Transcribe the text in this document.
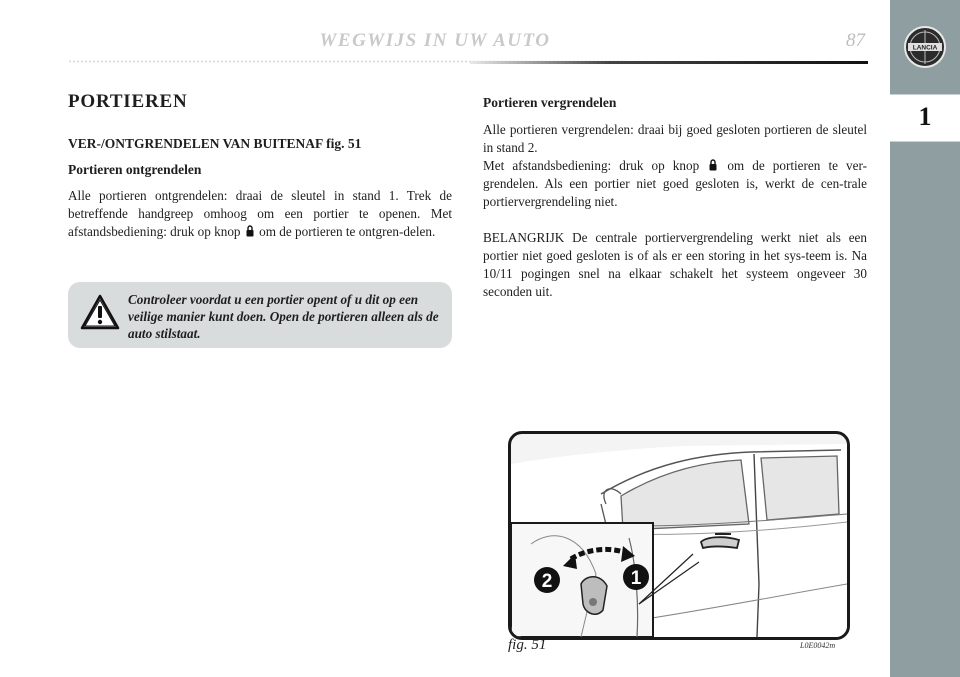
WEGWIJS IN UW AUTO	87	LANCIA
1
PORTIEREN
VER-/ONTGRENDELEN VAN BUITENAF fig. 51
Portieren ontgrendelen
Alle portieren ontgrendelen: draai de sleutel in stand 1. Trek de betreffende handgreep omhoog om een portier te openen. Met afstandsbediening: druk op knop om de portieren te ontgren-delen.
Controleer voordat u een portier opent of u dit op een veilige manier kunt doen. Open de portieren alleen als de auto stilstaat.
Portieren vergrendelen
Alle portieren vergrendelen: draai bij goed gesloten portieren de sleutel in stand 2.
Met afstandsbediening: druk op knop om de portieren te ver-grendelen. Als een portier niet goed gesloten is, werkt de cen-trale portiervergrendeling niet.
BELANGRIJK De centrale portiervergrendeling werkt niet als een portier niet goed gesloten is of als er een storing in het sys-teem is. Na 10/11 pogingen snel na elkaar schakelt het systeem ongeveer 30 seconden uit.
2	1
fig. 51	L0E0042m
